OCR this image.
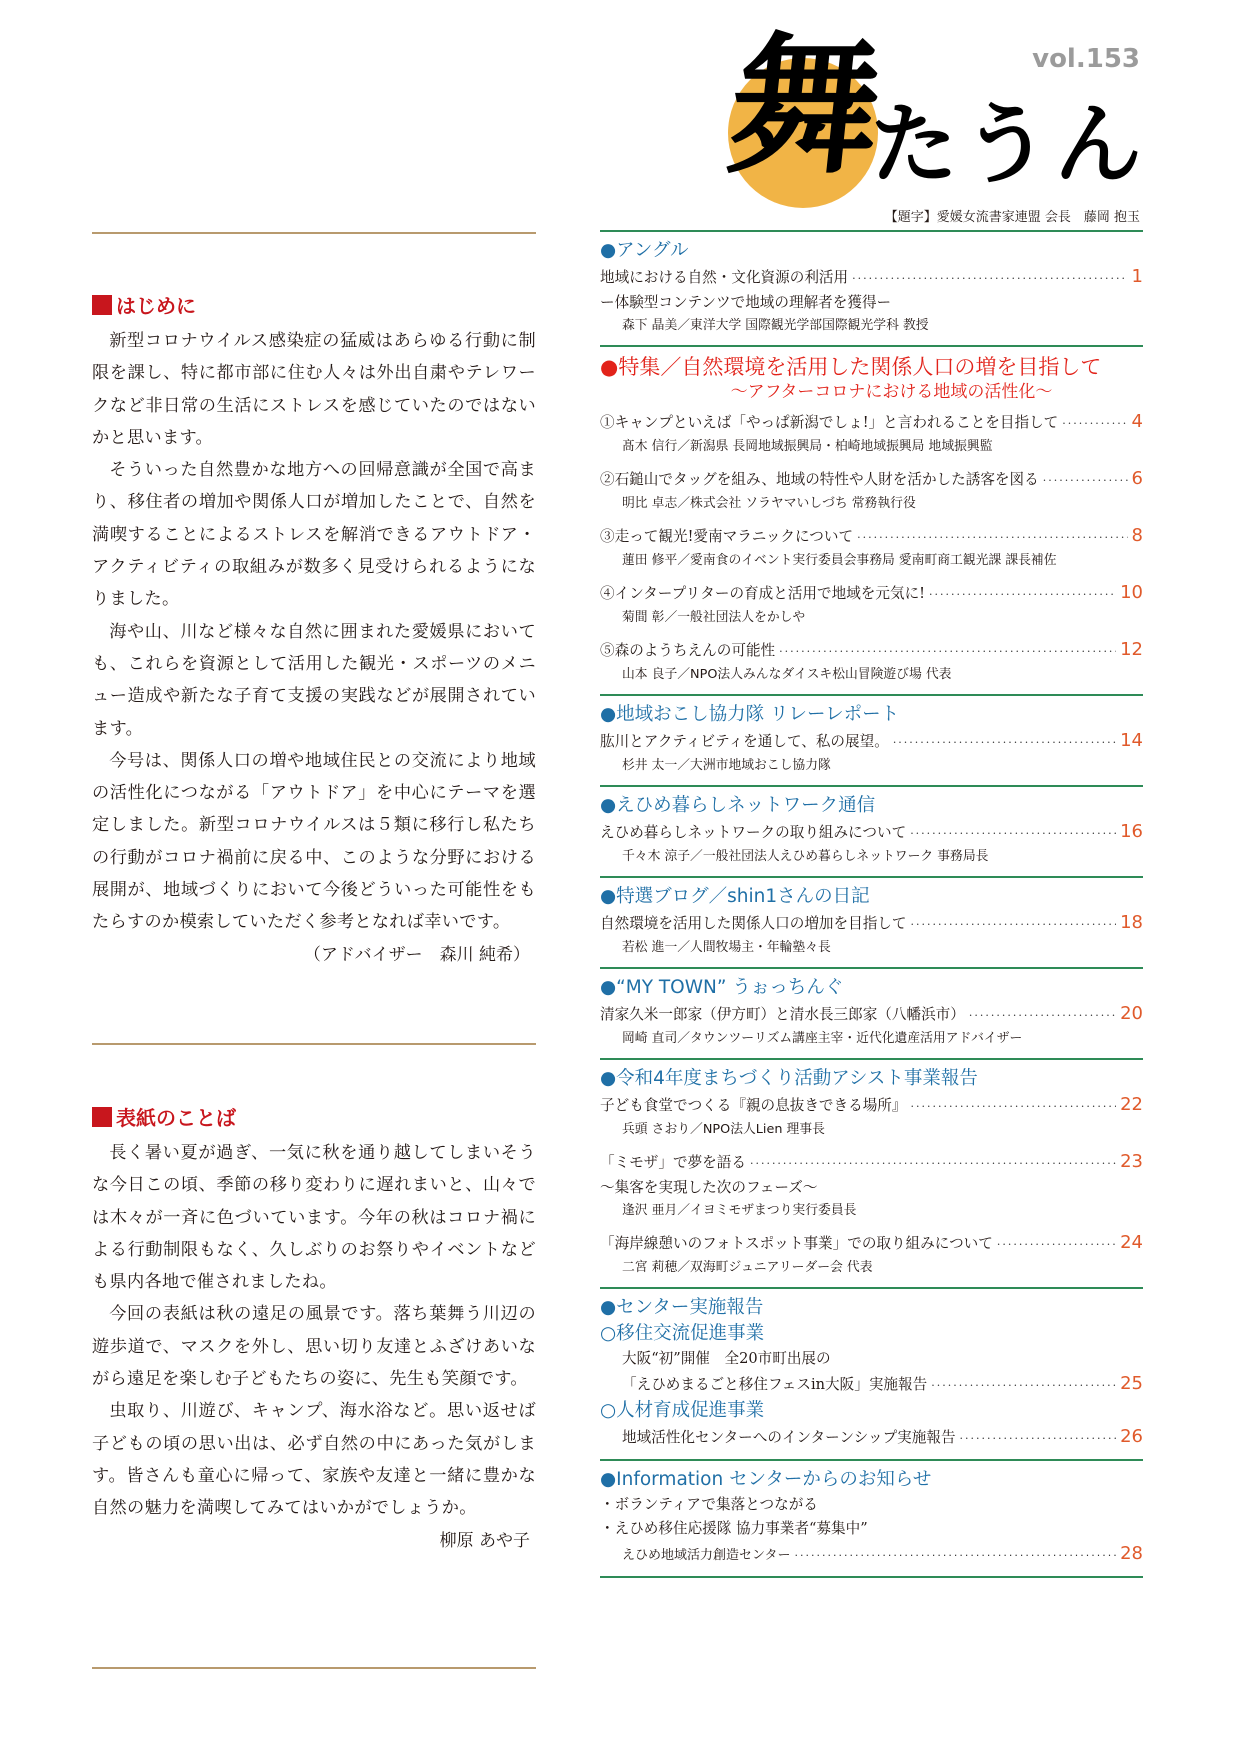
舞
たうん
vol.153
【題字】愛媛女流書家連盟 会長　藤岡 抱玉
はじめに

新型コロナウイルス感染症の猛威はあらゆる行動に制限を課し、特に都市部に住む人々は外出自粛やテレワークなど非日常の生活にストレスを感じていたのではないかと思います。

そういった自然豊かな地方への回帰意識が全国で高まり、移住者の増加や関係人口が増加したことで、自然を満喫することによるストレスを解消できるアウトドア・アクティビティの取組みが数多く見受けられるようになりました。

海や山、川など様々な自然に囲まれた愛媛県においても、これらを資源として活用した観光・スポーツのメニュー造成や新たな子育て支援の実践などが展開されています。

今号は、関係人口の増や地域住民との交流により地域の活性化につながる「アウトドア」を中心にテーマを選定しました。新型コロナウイルスは５類に移行し私たちの行動がコロナ禍前に戻る中、このような分野における展開が、地域づくりにおいて今後どういった可能性をもたらすのか模索していただく参考となれば幸いです。

（アドバイザー　森川 純希）

表紙のことば

長く暑い夏が過ぎ、一気に秋を通り越してしまいそうな今日この頃、季節の移り変わりに遅れまいと、山々では木々が一斉に色づいています。今年の秋はコロナ禍による行動制限もなく、久しぶりのお祭りやイベントなども県内各地で催されましたね。

今回の表紙は秋の遠足の風景です。落ち葉舞う川辺の遊歩道で、マスクを外し、思い切り友達とふざけあいながら遠足を楽しむ子どもたちの姿に、先生も笑顔です。

虫取り、川遊び、キャンプ、海水浴など。思い返せば子どもの頃の思い出は、必ず自然の中にあった気がします。皆さんも童心に帰って、家族や友達と一緒に豊かな自然の魅力を満喫してみてはいかがでしょうか。

柳原 あや子

●アングル
地域における自然・文化資源の利活用 ·····	1
ー体験型コンテンツで地域の理解者を獲得ー
森下 晶美／東洋大学 国際観光学部国際観光学科 教授
●特集／自然環境を活用した関係人口の増を目指して
～アフターコロナにおける地域の活性化～
①キャンプといえば「やっぱ新潟でしょ!」と言われることを目指して ·····	4
髙木 信行／新潟県 長岡地域振興局・柏崎地域振興局 地域振興監
②石鎚山でタッグを組み、地域の特性や人財を活かした誘客を図る ·····	6
明比 卓志／株式会社 ソラヤマいしづち 常務執行役
③走って観光!愛南マラニックについて ·····	8
蓮田 修平／愛南食のイベント実行委員会事務局 愛南町商工観光課 課長補佐
④インタープリターの育成と活用で地域を元気に! ·····	10
菊間 彰／一般社団法人をかしや
⑤森のようちえんの可能性 ·····	12
山本 良子／NPO法人みんなダイスキ松山冒険遊び場 代表
●地域おこし協力隊 リレーレポート
肱川とアクティビティを通して、私の展望。 ·····	14
杉井 太一／大洲市地域おこし協力隊
●えひめ暮らしネットワーク通信
えひめ暮らしネットワークの取り組みについて ·····	16
千々木 涼子／一般社団法人えひめ暮らしネットワーク 事務局長
●特選ブログ／shin1さんの日記
自然環境を活用した関係人口の増加を目指して ·····	18
若松 進一／人間牧場主・年輪塾々長
●“MY TOWN” うぉっちんぐ
清家久米一郎家（伊方町）と清水長三郎家（八幡浜市） ·····	20
岡崎 直司／タウンツーリズム講座主宰・近代化遺産活用アドバイザー
●令和4年度まちづくり活動アシスト事業報告
子ども食堂でつくる『親の息抜きできる場所』 ·····	22
兵頭 さおり／NPO法人Lien 理事長
「ミモザ」で夢を語る ·····	23
～集客を実現した次のフェーズ～
逢沢 亜月／イヨミモザまつり実行委員長
「海岸線憩いのフォトスポット事業」での取り組みについて ·····	24
二宮 莉穂／双海町ジュニアリーダー会 代表
●センター実施報告
○移住交流促進事業
大阪“初”開催　全20市町出展の
「えひめまるごと移住フェスin大阪」実施報告 ·····	25
○人材育成促進事業
地域活性化センターへのインターンシップ実施報告 ·····	26
●Information センターからのお知らせ
・ボランティアで集落とつながる
・えひめ移住応援隊 協力事業者“募集中”
えひめ地域活力創造センター ·····	28
